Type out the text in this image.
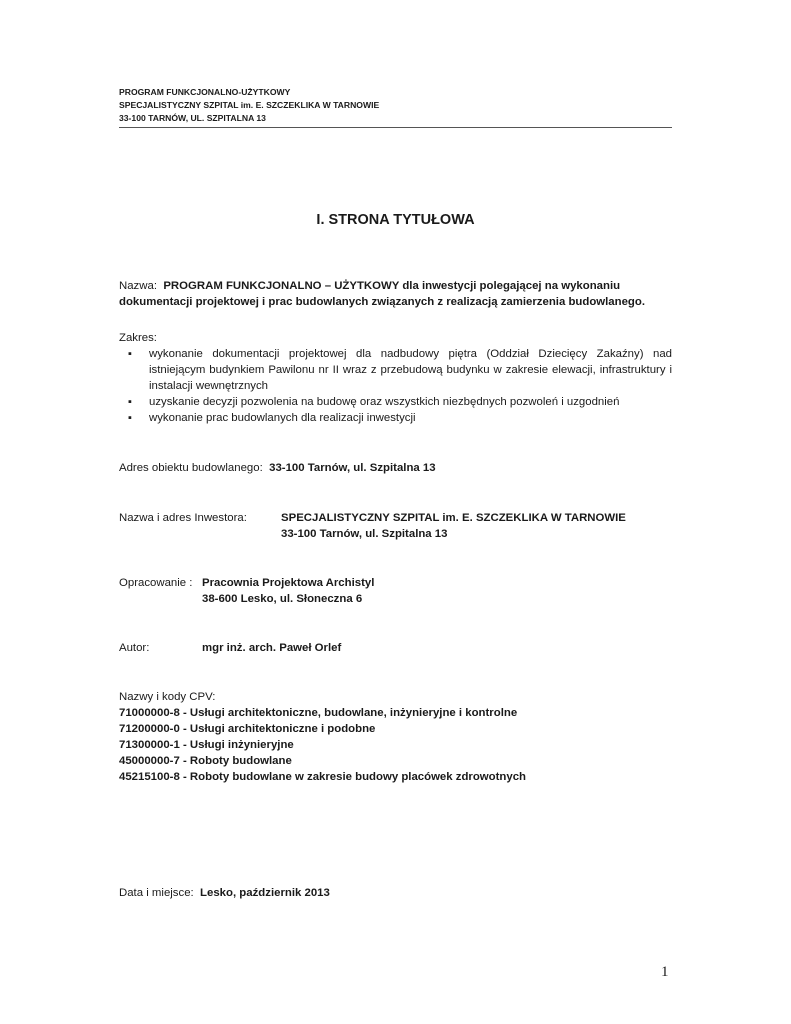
PROGRAM FUNKCJONALNO-UŻYTKOWY
SPECJALISTYCZNY SZPITAL im. E. SZCZEKLIKA W TARNOWIE
33-100 TARNÓW, UL. SZPITALNA 13
I. STRONA TYTUŁOWA
Nazwa: PROGRAM FUNKCJONALNO – UŻYTKOWY dla inwestycji polegającej na wykonaniu
dokumentacji projektowej i prac budowlanych związanych z realizacją zamierzenia budowlanego.
Zakres:
▪ wykonanie dokumentacji projektowej dla nadbudowy piętra (Oddział Dziecięcy Zakaźny) nad istniejącym budynkiem Pawilonu nr II wraz z przebudową budynku w zakresie elewacji, infrastruktury i instalacji wewnętrznych
▪ uzyskanie decyzji pozwolenia na budowę oraz wszystkich niezbędnych pozwoleń i uzgodnień
▪ wykonanie prac budowlanych dla realizacji inwestycji
Adres obiektu budowlanego: 33-100 Tarnów, ul. Szpitalna 13
Nazwa i adres Inwestora:	SPECJALISTYCZNY SZPITAL im. E. SZCZEKLIKA W TARNOWIE
33-100 Tarnów, ul. Szpitalna 13
Opracowanie : Pracownia Projektowa Archistyl
38-600 Lesko, ul. Słoneczna 6
Autor:	mgr inż. arch. Paweł Orlef
Nazwy i kody CPV:
71000000-8 - Usługi architektoniczne, budowlane, inżynieryjne i kontrolne
71200000-0 - Usługi architektoniczne i podobne
71300000-1 - Usługi inżynieryjne
45000000-7 - Roboty budowlane
45215100-8 - Roboty budowlane w zakresie budowy placówek zdrowotnych
Data i miejsce: Lesko, październik 2013
1
